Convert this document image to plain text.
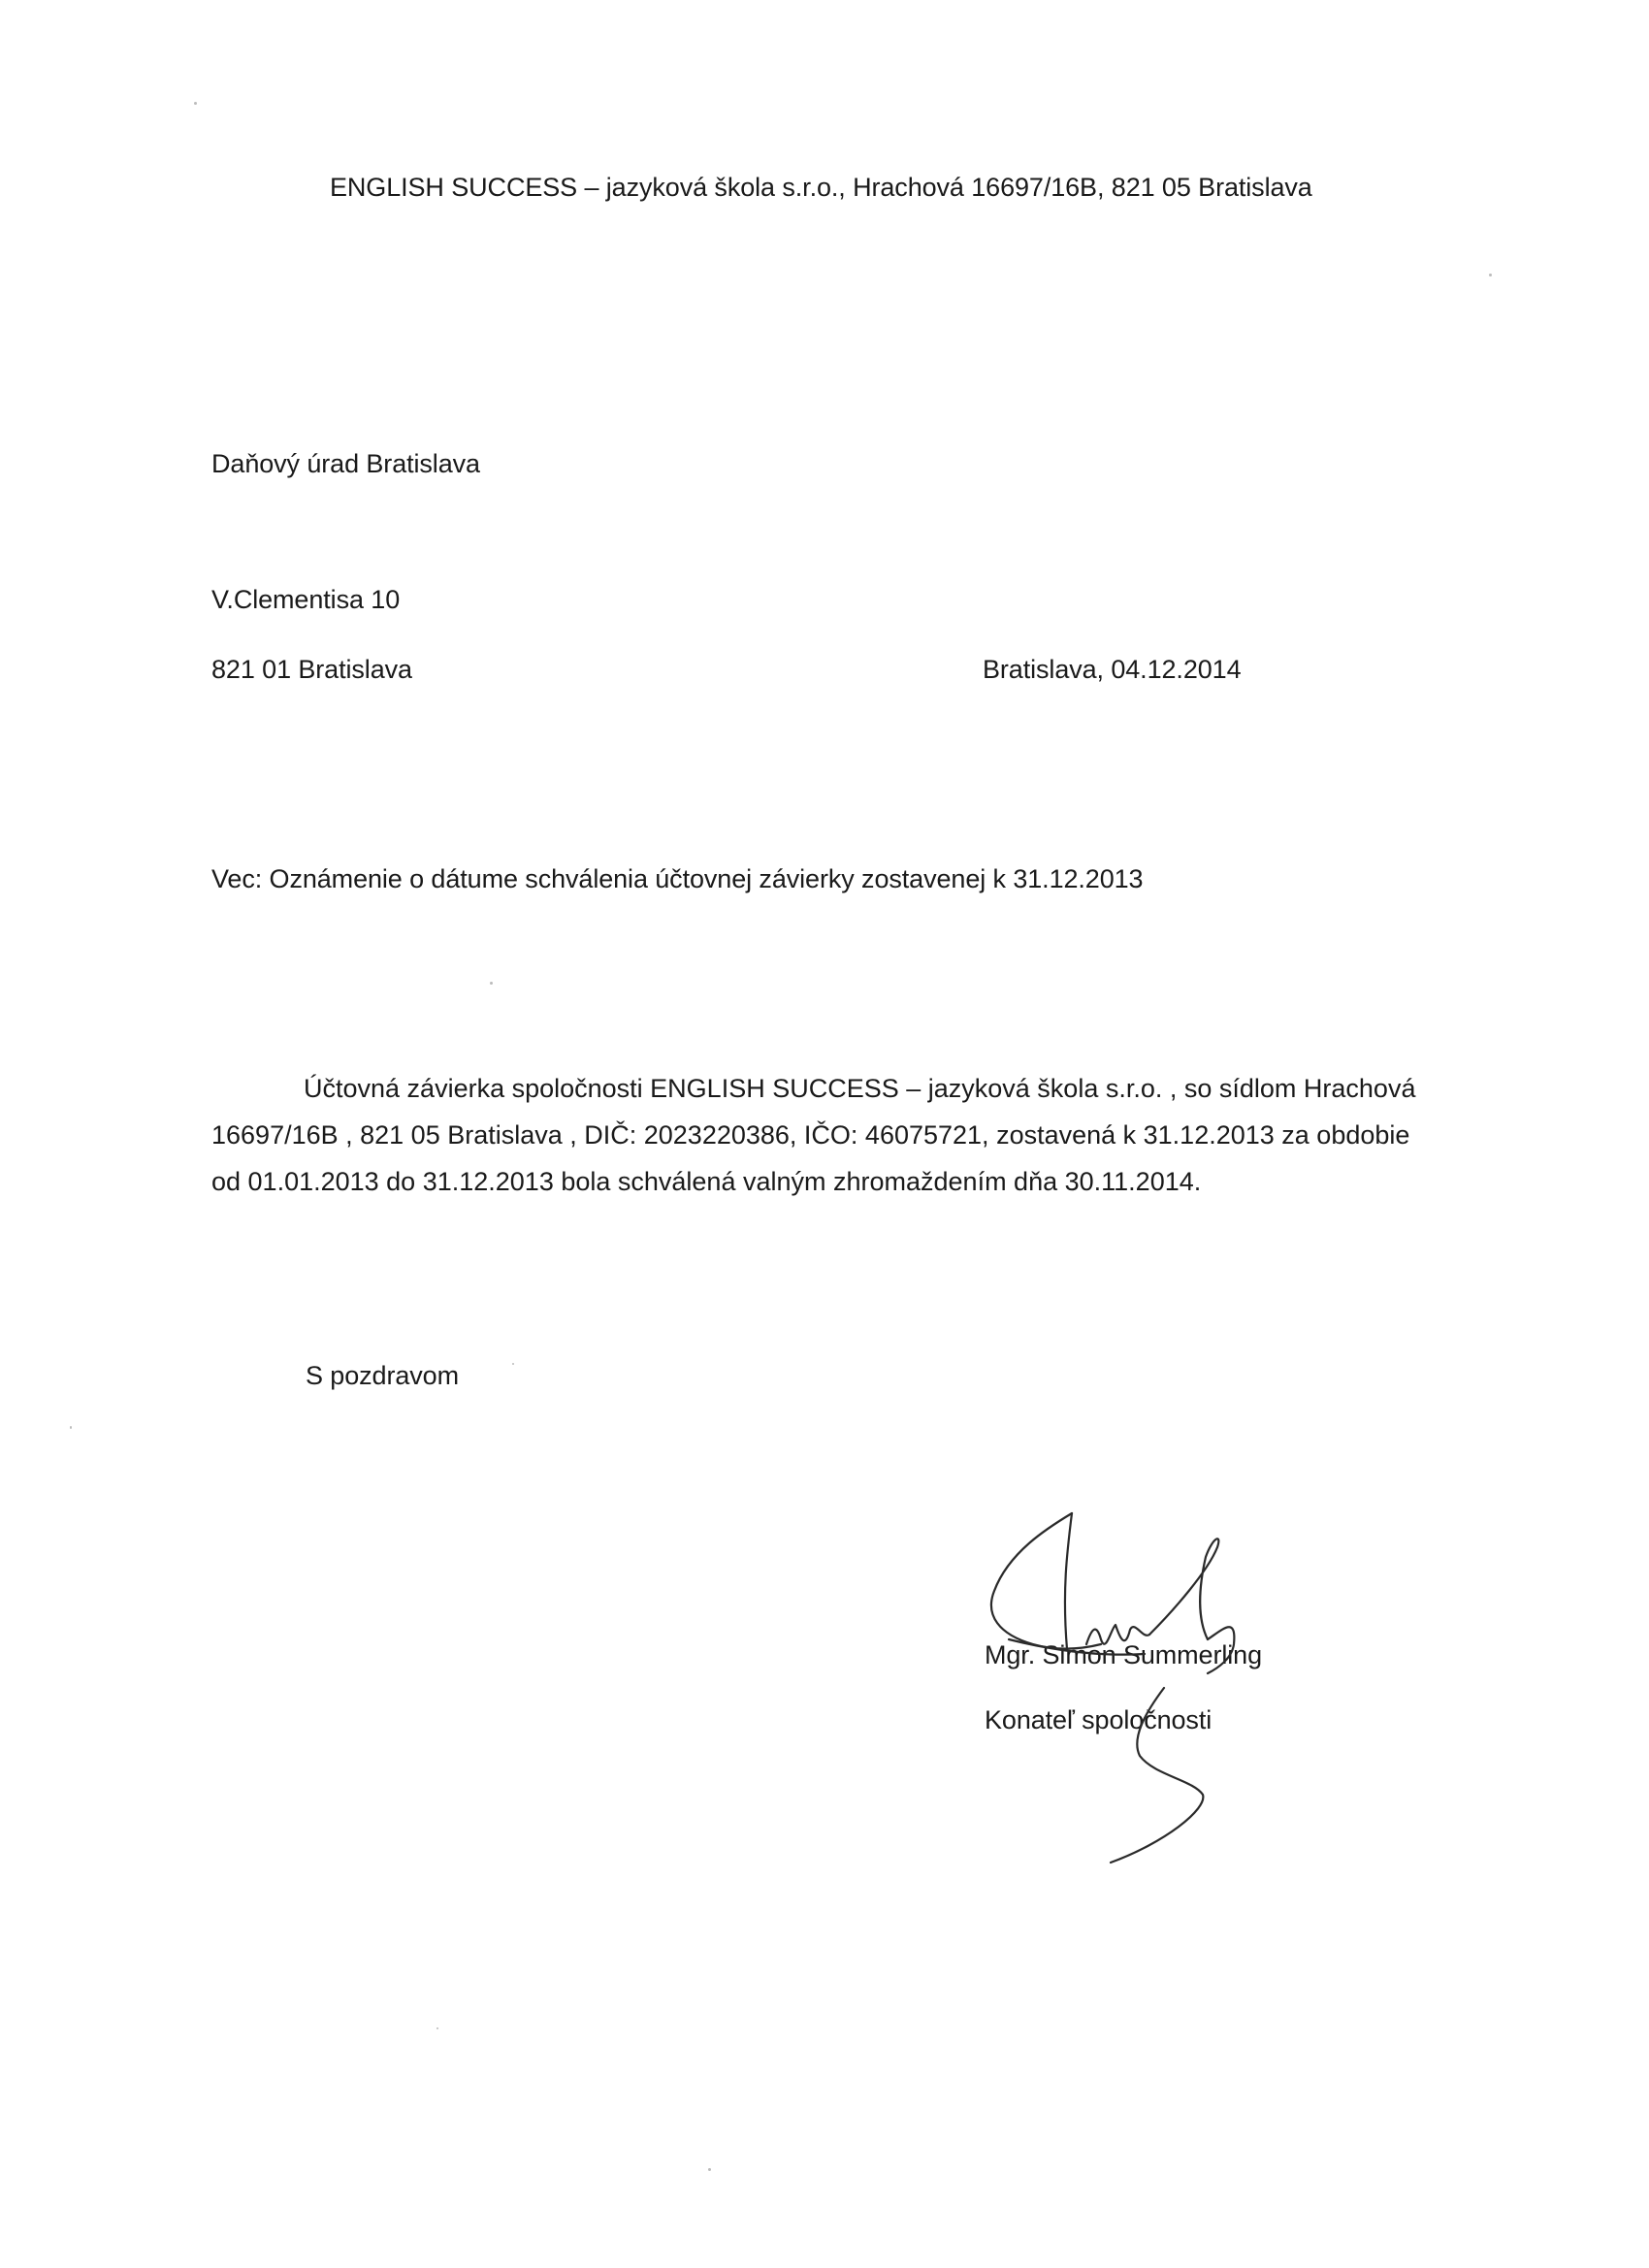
ENGLISH SUCCESS – jazyková škola s.r.o., Hrachová 16697/16B, 821 05 Bratislava
Daňový úrad Bratislava
V.Clementisa 10
821 01 Bratislava	Bratislava, 04.12.2014
Vec: Oznámenie o dátume schválenia účtovnej závierky zostavenej k 31.12.2013
Účtovná závierka spoločnosti ENGLISH SUCCESS – jazyková škola s.r.o. , so sídlom Hrachová
16697/16B , 821 05 Bratislava , DIČ: 2023220386, IČO: 46075721, zostavená k 31.12.2013 za obdobie
od 01.01.2013 do 31.12.2013 bola schválená valným zhromaždením dňa 30.11.2014.
S pozdravom
Mgr. Simon Summerling
Konateľ spoločnosti
